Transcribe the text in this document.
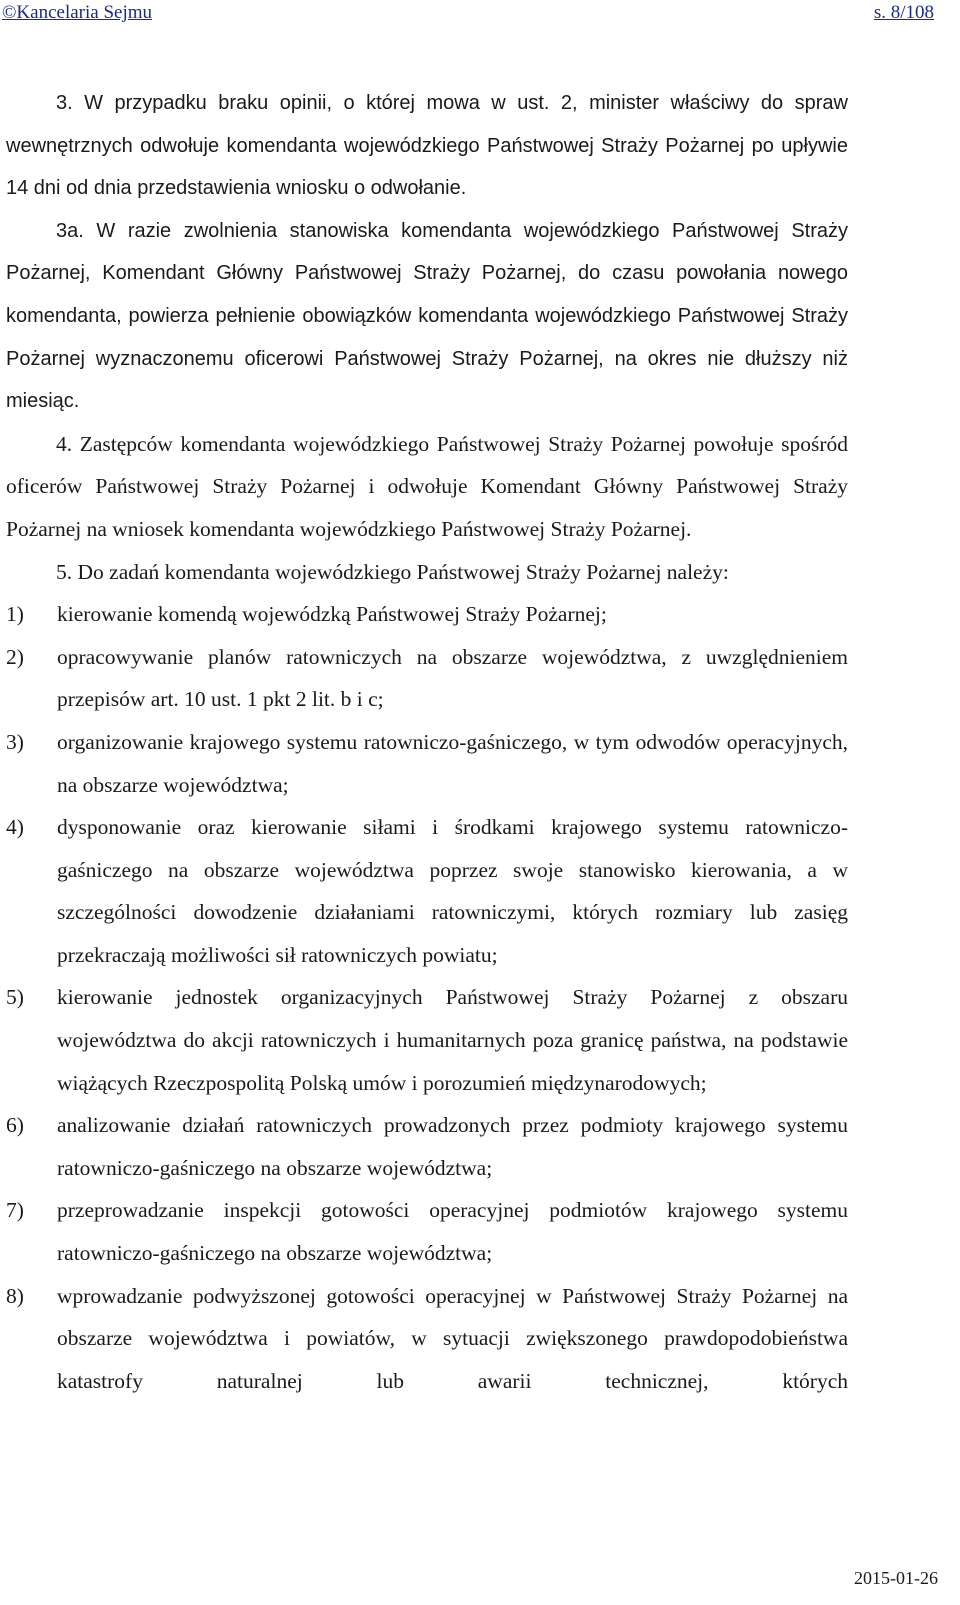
©Kancelaria Sejmu	s. 8/108

3. W przypadku braku opinii, o której mowa w ust. 2, minister właściwy do spraw wewnętrznych odwołuje komendanta wojewódzkiego Państwowej Straży Pożarnej po upływie 14 dni od dnia przedstawienia wniosku o odwołanie.

3a. W razie zwolnienia stanowiska komendanta wojewódzkiego Państwowej Straży Pożarnej, Komendant Główny Państwowej Straży Pożarnej, do czasu powołania nowego komendanta, powierza pełnienie obowiązków komendanta wojewódzkiego Państwowej Straży Pożarnej wyznaczonemu oficerowi Państwowej Straży Pożarnej, na okres nie dłuższy niż miesiąc.

4. Zastępców komendanta wojewódzkiego Państwowej Straży Pożarnej powołuje spośród oficerów Państwowej Straży Pożarnej i odwołuje Komendant Główny Państwowej Straży Pożarnej na wniosek komendanta wojewódzkiego Państwowej Straży Pożarnej.

5. Do zadań komendanta wojewódzkiego Państwowej Straży Pożarnej należy:

1) kierowanie komendą wojewódzką Państwowej Straży Pożarnej;
2) opracowywanie planów ratowniczych na obszarze województwa, z uwzględnieniem przepisów art. 10 ust. 1 pkt 2 lit. b i c;
3) organizowanie krajowego systemu ratowniczo-gaśniczego, w tym odwodów operacyjnych, na obszarze województwa;
4) dysponowanie oraz kierowanie siłami i środkami krajowego systemu ratowniczo-gaśniczego na obszarze województwa poprzez swoje stanowisko kierowania, a w szczególności dowodzenie działaniami ratowniczymi, których rozmiary lub zasięg przekraczają możliwości sił ratowniczych powiatu;
5) kierowanie jednostek organizacyjnych Państwowej Straży Pożarnej z obszaru województwa do akcji ratowniczych i humanitarnych poza granicę państwa, na podstawie wiążących Rzeczpospolitą Polską umów i porozumień międzynarodowych;
6) analizowanie działań ratowniczych prowadzonych przez podmioty krajowego systemu ratowniczo-gaśniczego na obszarze województwa;
7) przeprowadzanie inspekcji gotowości operacyjnej podmiotów krajowego systemu ratowniczo-gaśniczego na obszarze województwa;
8) wprowadzanie podwyższonej gotowości operacyjnej w Państwowej Straży Pożarnej na obszarze województwa i powiatów, w sytuacji zwiększonego prawdopodobieństwa katastrofy naturalnej lub awarii technicznej, których
2015-01-26
